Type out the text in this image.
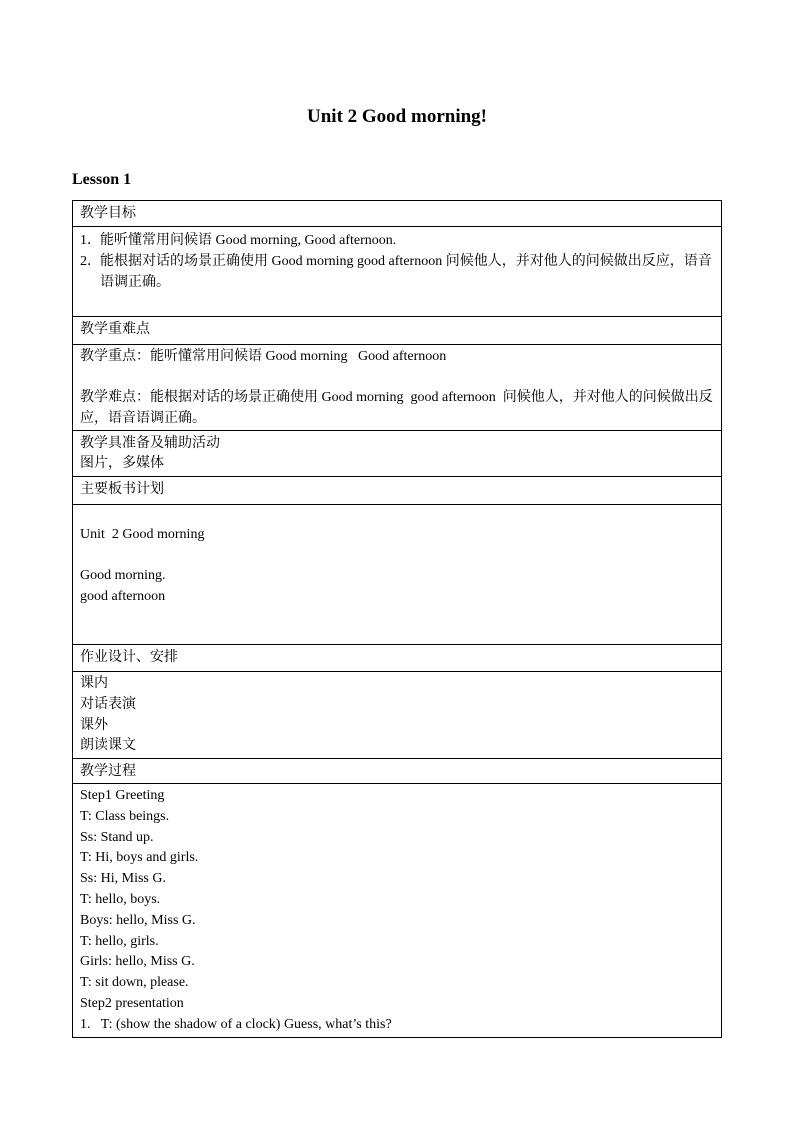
Unit 2 Good morning!
Lesson 1
教学目标

1． 能听懂常用问候语 Good morning, Good afternoon.
2． 能根据对话的场景正确使用 Good morning good afternoon 问候他人，并对他人的问候做出反应，语音语调正确。

教学重难点

教学重点：能听懂常用问候语 Good morning   Good afternoon
教学难点：能根据对话的场景正确使用 Good morning  good afternoon  问候他人，并对他人的问候做出反应，语音语调正确。

教学具准备及辅助活动
图片，多媒体

主要板书计划

Unit  2 Good morning
Good morning.
good afternoon

作业设计、安排

课内
对话表演
课外
朗读课文

教学过程

Step1 Greeting
T: Class beings.
Ss: Stand up.
T: Hi, boys and girls.
Ss: Hi, Miss G.
T: hello, boys.
Boys: hello, Miss G.
T: hello, girls.
Girls: hello, Miss G.
T: sit down, please.
Step2 presentation
1.   T: (show the shadow of a clock) Guess, what’s this?
